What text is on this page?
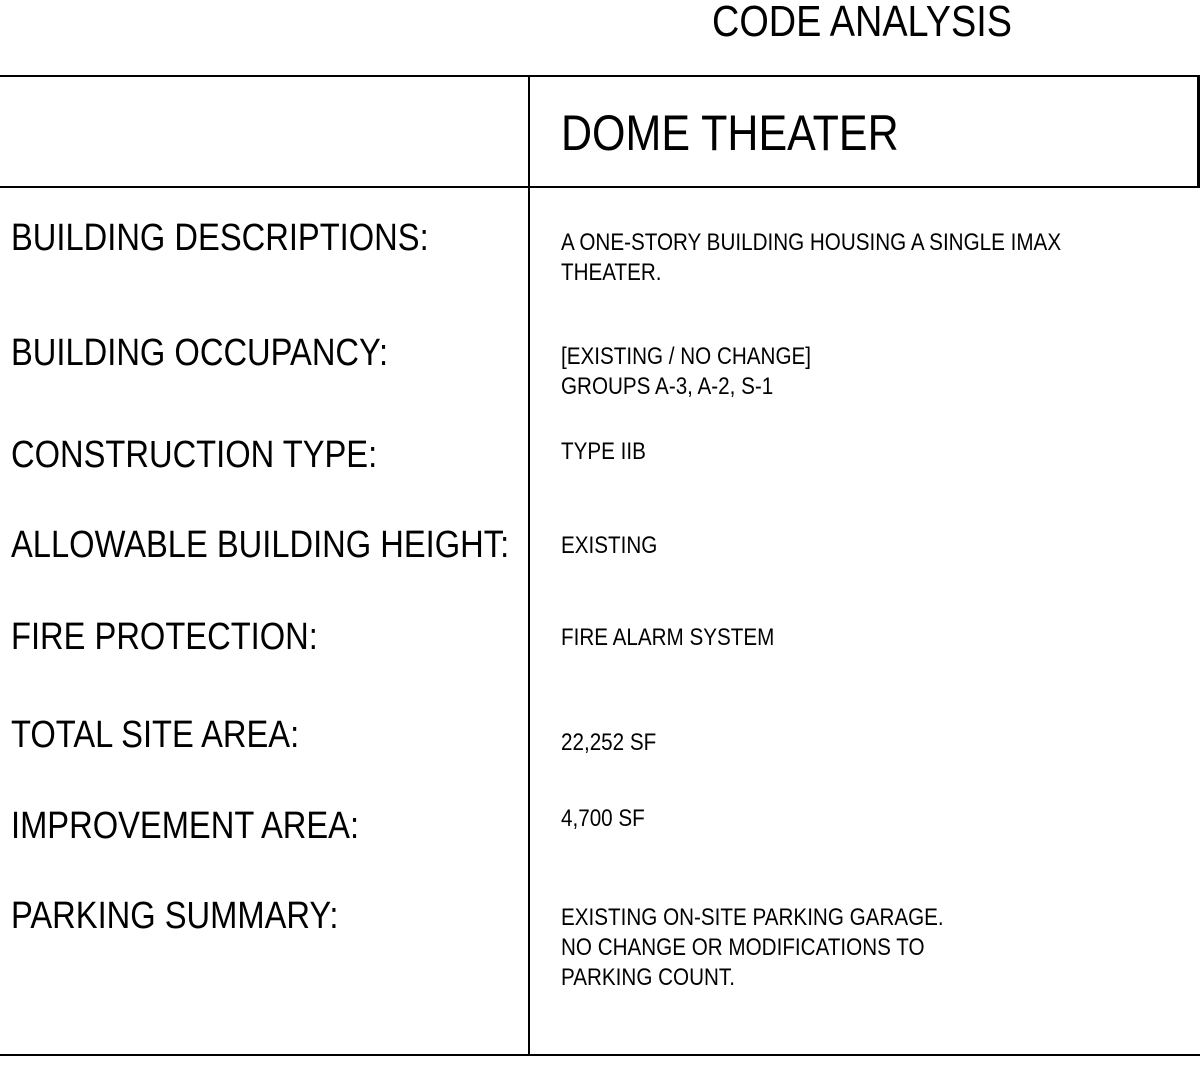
CODE ANALYSIS
DOME THEATER
BUILDING DESCRIPTIONS:	A ONE-STORY BUILDING HOUSING A SINGLE IMAX
THEATER.
BUILDING OCCUPANCY:	[EXISTING / NO CHANGE]
GROUPS A-3, A-2, S-1
CONSTRUCTION TYPE:	TYPE IIB
ALLOWABLE BUILDING HEIGHT: EXISTING
FIRE PROTECTION:	FIRE ALARM SYSTEM
TOTAL SITE AREA:	22,252 SF
IMPROVEMENT AREA:	4,700 SF
PARKING SUMMARY:	EXISTING ON-SITE PARKING GARAGE.
NO CHANGE OR MODIFICATIONS TO
PARKING COUNT.
